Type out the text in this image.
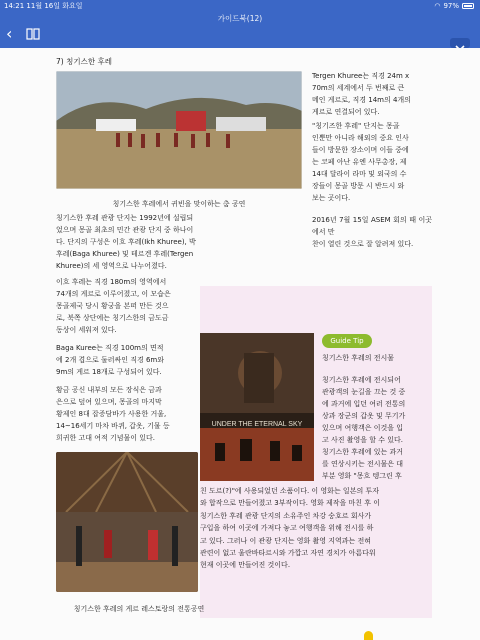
14:21 11월 16일 화요일	◠ 97%
가이드북(12)
‹
7) 칭기스한 후레
칭기스한 후레에서 귀빈을 맞이하는 춤 공연
Tergen Khuree는 직경 24m x
70m의 세계에서 두 번째로 큰
메인 게르로, 직경 14m의 4개의
게르로 연결되어 있다.
"칭기즈한 후레" 단지는 몽골
인뿐만 아니라 해외의 중요 인사
들이 방문한 장소이며 이들 중에
는 코페 아난 유엔 사무총장, 제
14대 달라이 라마 및 외국의 수
장들이 몽골 방문 시 반드시 와
보는 곳이다.
2016년 7월 15일 ASEM 회의 때 이곳에서 만
찬이 열린 것으로 잘 알려져 있다.
칭기스한 후레 관광 단지는 1992년에 설립되
었으며 몽골 최초의 민간 관광 단지 중 하나이
다. 단지의 구성은 이흐 후레(Ikh Khuree), 박
후레(Baga Khuree) 및 테르겐 후레(Tergen
Khuree)의 세 영역으로 나누어졌다.
이흐 후레는 직경 180m의 영역에서
74개의 게르로 이루어졌고, 이 모습은
몽골제국 당시 황궁을 본떠 만든 것으
로, 북쪽 상단에는 칭기스한의 금도금
동상이 세워져 있다.
Baga Kuree는 직경 100m의 면적
에 2개 겹으로 둘러싸인 직경 6m와
9m의 게르 18개로 구성되어 있다.
황금 공신 내부의 모든 장식은 금과
은으로 덮여 있으며, 몽골의 마지막
황제인 8대 잡증담바가 사용한 거울,
14~16세기 마차 바퀴, 갑옷, 기물 등
희귀한 고대 여적 기념물이 있다.
Guide Tip
UNDER THE ETERNAL SKY
칭기스한 후레의 전시물
칭기스한 후레에 전시되어
관광객의 눈길을 끄는 것 중
에 과거에 입던 여러 전통의
상과 장군의 갑옷 및 무기가
있으며 여행객은 이것을 입
고 사진 촬영을 할 수 있다.
칭기스한 후레에 있는 과거
를 연상시키는 전시물은 대
부분 영화 "몽흐 텡그린 후
친 도르(?)"에 사용되었던 소품이다. 이 영화는 일본의 투자
와 합작으로 만들어졌고 3부작이다. 영화 제작을 마친 후 이
칭기스한 후레 관광 단지의 소유주인 차강 숭호르 회사가
구입을 하여 이곳에 가져다 놓고 여행객을 위해 전시를 하
고 있다. 그러나 이 관광 단지는 영화 촬영 지역과는 전혀
관련이 없고 울란바타르시와 가깝고 자연 경치가 아름다워
현재 이곳에 만들어진 것이다.
칭기스한 후레의 게르 레스토랑의 전통공연
